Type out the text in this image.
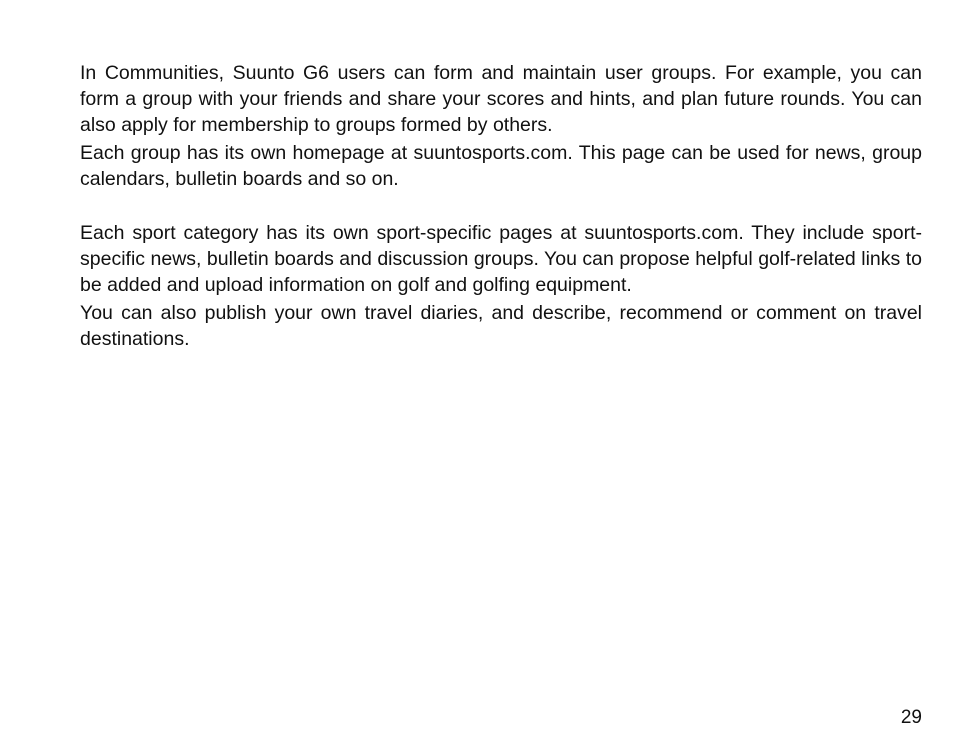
In Communities, Suunto G6 users can form and maintain user groups. For example, you can form a group with your friends and share your scores and hints, and plan future rounds. You can also apply for membership to groups formed by others.

Each group has its own homepage at suuntosports.com. This page can be used for news, group calendars, bulletin boards and so on.

Each sport category has its own sport-specific pages at suuntosports.com. They include sport-specific news, bulletin boards and discussion groups. You can propose helpful golf-related links to be added and upload information on golf and golfing equipment.

You can also publish your own travel diaries, and describe, recommend or comment on travel destinations.

29
